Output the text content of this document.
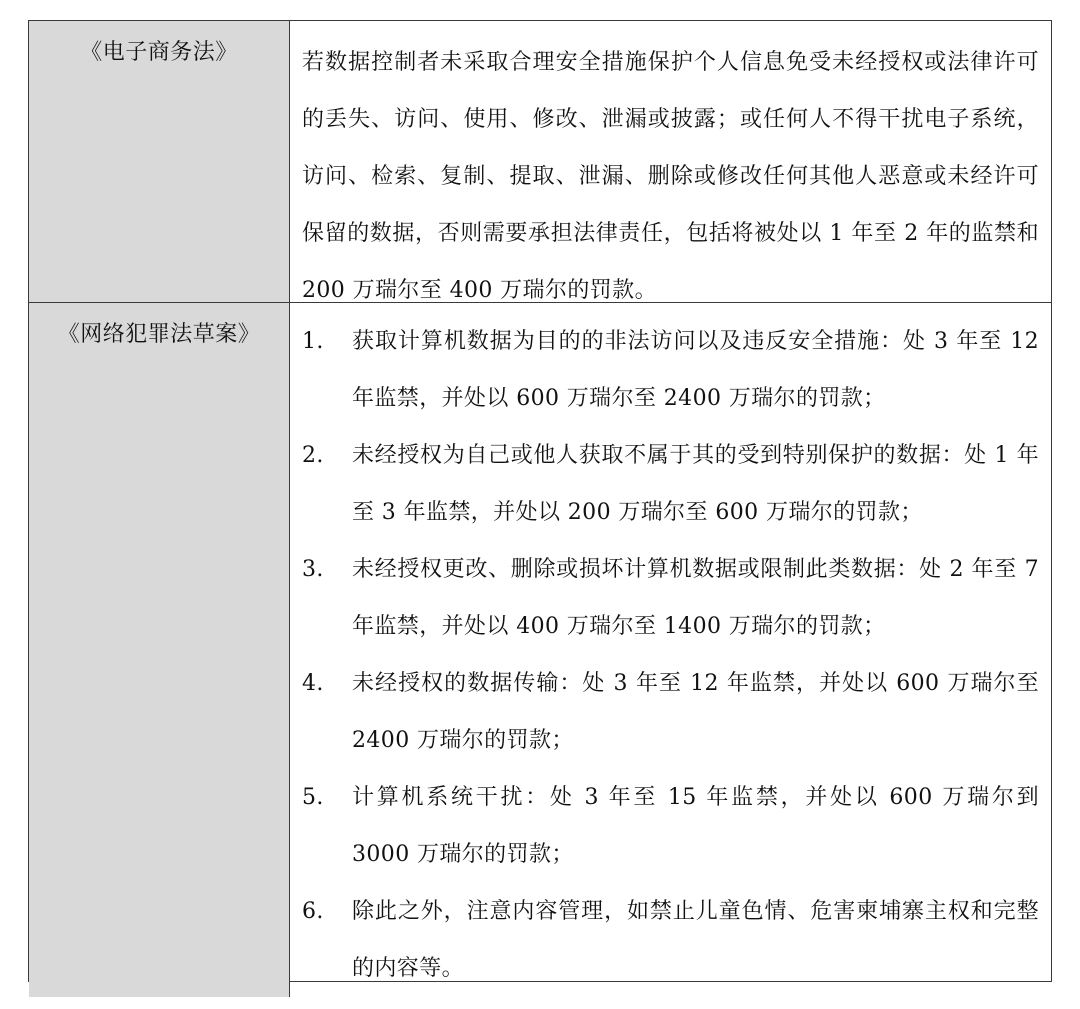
《电子商务法》	若数据控制者未采取合理安全措施保护个人信息免受未经授权或法律许可的丢失、访问、使用、修改、泄漏或披露；或任何人不得干扰电子系统，访问、检索、复制、提取、泄漏、删除或修改任何其他人恶意或未经许可保留的数据，否则需要承担法律责任，包括将被处以 1 年至 2 年的监禁和 200 万瑞尔至 400 万瑞尔的罚款。
《网络犯罪法草案》	1.	获取计算机数据为目的的非法访问以及违反安全措施：处 3 年至 12 年监禁，并处以 600 万瑞尔至 2400 万瑞尔的罚款；
2.	未经授权为自己或他人获取不属于其的受到特别保护的数据：处 1 年至 3 年监禁，并处以 200 万瑞尔至 600 万瑞尔的罚款；
3.	未经授权更改、删除或损坏计算机数据或限制此类数据：处 2 年至 7 年监禁，并处以 400 万瑞尔至 1400 万瑞尔的罚款；
4.	未经授权的数据传输：处 3 年至 12 年监禁，并处以 600 万瑞尔至 2400 万瑞尔的罚款；
5.	计算机系统干扰：处 3 年至 15 年监禁，并处以 600 万瑞尔到 3000 万瑞尔的罚款；
6.	除此之外，注意内容管理，如禁止儿童色情、危害柬埔寨主权和完整的内容等。
